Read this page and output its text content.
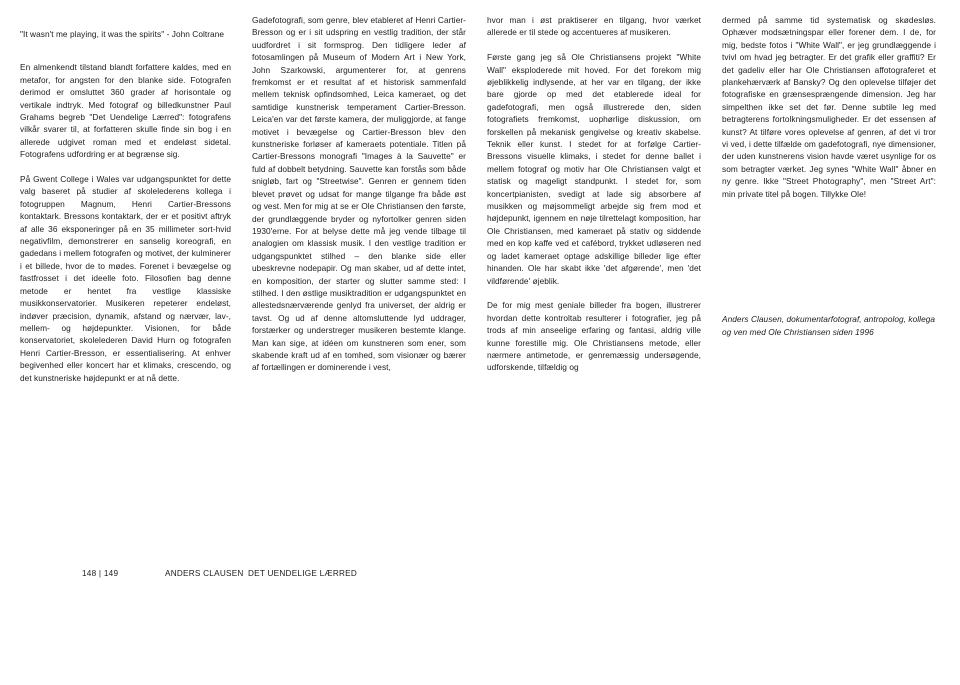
"It wasn't me playing, it was the spirits" - John Coltrane

En almenkendt tilstand blandt forfattere kaldes, med en metafor, for angsten for den blanke side. Fotografen derimod er omsluttet 360 grader af horisontale og vertikale indtryk. Med fotograf og billedkunstner Paul Grahams begreb "Det Uendelige Lærred": fotografens vilkår svarer til, at forfatteren skulle finde sin bog i en allerede udgivet roman med et endeløst sidetal. Fotografens udfordring er at begrænse sig.

På Gwent College i Wales var udgangspunktet for dette valg baseret på studier af skolelederens kollega i fotogruppen Magnum, Henri Cartier-Bressons kontaktark. Bressons kontaktark, der er et positivt aftryk af alle 36 eksponeringer på en 35 millimeter sort-hvid negativfilm, demonstrerer en sanselig koreografi, en gadedans i mellem fotografen og motivet, der kulminerer i et billede, hvor de to mødes. Forenet i bevægelse og fastfrosset i det ideelle foto. Filosofien bag denne metode er hentet fra vestlige klassiske musikkonservatorier. Musikeren repeterer endeløst, indøver præcision, dynamik, afstand og nærvær, lav-, mellem- og højdepunkter. Visionen, for både konservatoriet, skolelederen David Hurn og fotografen Henri Cartier-Bresson, er essentialisering. At enhver begivenhed eller koncert har et klimaks, crescendo, og det kunstneriske højdepunkt er at nå dette.

Gadefotografi, som genre, blev etableret af Henri Cartier-Bresson og er i sit udspring en vestlig tradition, der står uudfordret i sit formsprog. Den tidligere leder af fotosamlingen på Museum of Modern Art i New York, John Szarkowski, argumenterer for, at genrens fremkomst er et resultat af et historisk sammenfald mellem teknisk opfindsomhed, Leica kameraet, og det samtidige kunstnerisk temperament Cartier-Bresson. Leica'en var det første kamera, der muliggjorde, at fange motivet i bevægelse og Cartier-Bresson blev den kunstneriske forløser af kameraets potentiale. Titlen på Cartier-Bressons monografi "Images à la Sauvette" er fuld af dobbelt betydning. Sauvette kan forstås som både snigløb, fart og "Streetwise". Genren er gennem tiden blevet prøvet og udsat for mange tilgange fra både øst og vest. Men for mig at se er Ole Christiansen den første, der grundlæggende bryder og nyfortolker genren siden 1930'erne. For at belyse dette må jeg vende tilbage til analogien om klassisk musik. I den vestlige tradition er udgangspunktet stilhed – den blanke side eller ubeskrevne nodepapir. Og man skaber, ud af dette intet, en komposition, der starter og slutter samme sted: I stilhed. I den østlige musiktradition er udgangspunktet en allestedsnærværende genlyd fra universet, der aldrig er tavst. Og ud af denne altomsluttende lyd uddrager, forstærker og understreger musikeren bestemte klange. Man kan sige, at idéen om kunstneren som ener, som skabende kraft ud af en tomhed, som visionær og bærer af fortællingen er dominerende i vest,

hvor man i øst praktiserer en tilgang, hvor værket allerede er til stede og accentueres af musikeren.

Første gang jeg så Ole Christiansens projekt "White Wall" eksploderede mit hoved. For det forekom mig øjeblikkelig indlysende, at her var en tilgang, der ikke bare gjorde op med det etablerede ideal for gadefotografi, men også illustrerede den, siden fotografiets fremkomst, uophørlige diskussion, om forskellen på mekanisk gengivelse og kreativ skabelse. Teknik eller kunst. I stedet for at forfølge Cartier-Bressons visuelle klimaks, i stedet for denne ballet i mellem fotograf og motiv har Ole Christiansen valgt et statisk og mageligt standpunkt. I stedet for, som koncertpianisten, svedigt at lade sig absorbere af musikken og møjsommeligt arbejde sig frem mod et højdepunkt, igennem en nøje tilrettelagt komposition, har Ole Christiansen, med kameraet på stativ og siddende med en kop kaffe ved et cafébord, trykket udløseren ned og ladet kameraet optage adskillige billeder lige efter hinanden. Ole har skabt ikke 'det afgørende', men 'det vildførende' øjeblik.

De for mig mest geniale billeder fra bogen, illustrerer hvordan dette kontroltab resulterer i fotografier, jeg på trods af min anseelige erfaring og fantasi, aldrig ville kunne forestille mig. Ole Christiansens metode, eller nærmere antimetode, er genremæssig undersøgende, udforskende, tilfældig og

dermed på samme tid systematisk og skødesløs. Ophæver modsætningspar eller forener dem. I de, for mig, bedste fotos i "White Wall", er jeg grundlæggende i tvivl om hvad jeg betragter. Er det grafik eller graffiti? Er det gadeliv eller har Ole Christiansen affotograferet et plankehærværk af Bansky? Og den oplevelse tilføjer det fotografiske en grænsesprængende dimension. Jeg har simpelthen ikke set det før. Denne subtile leg med betragterens fortolkningsmuligheder. Er det essensen af kunst? At tilføre vores oplevelse af genren, af det vi tror vi ved, i dette tilfælde om gadefotografi, nye dimensioner, der uden kunstnerens vision havde været usynlige for os som betragter værket. Jeg synes "White Wall" åbner en ny genre. Ikke "Street Photography", men "Street Art": min private titel på bogen. Tillykke Ole!

Anders Clausen, dokumentarfotograf, antropolog, kollega og ven med Ole Christiansen siden 1996

148 | 149	ANDERS CLAUSEN DET UENDELIGE LÆRRED
